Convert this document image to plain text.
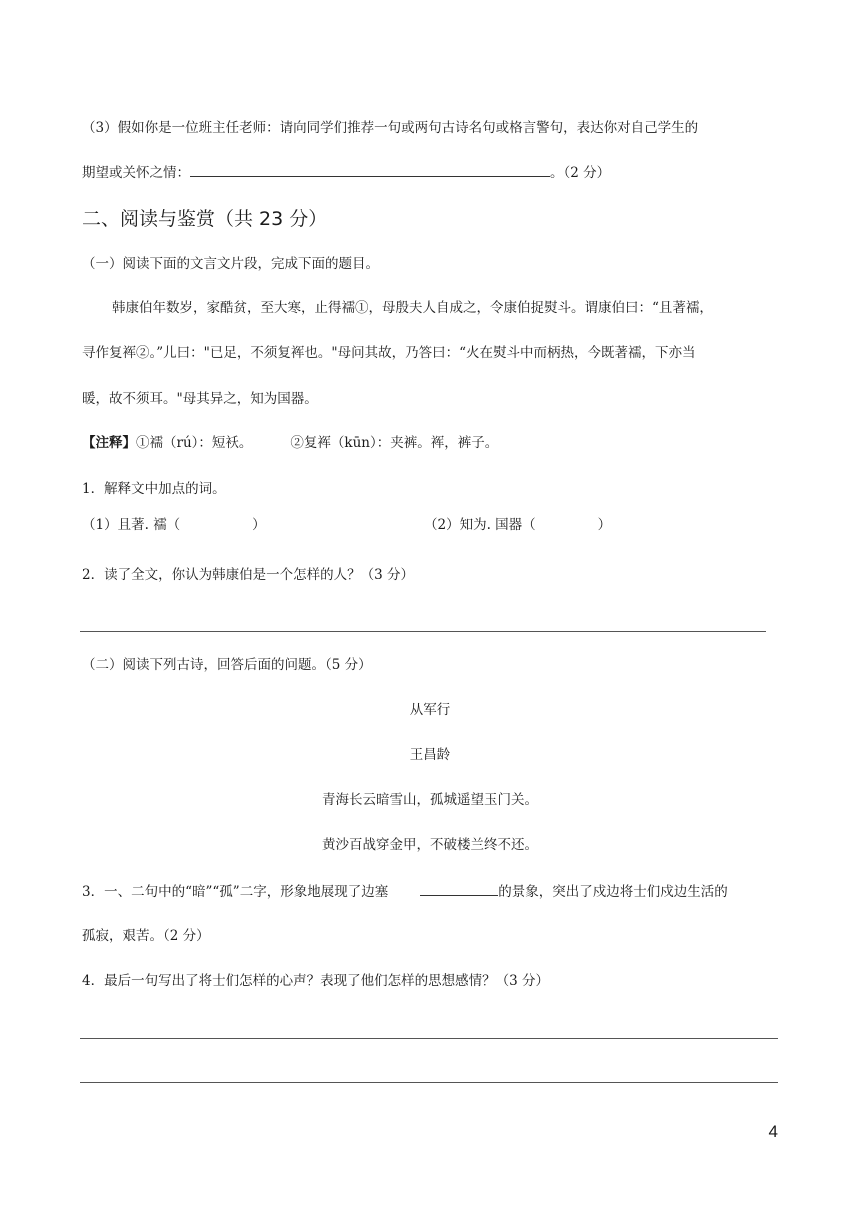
（3）假如你是一位班主任老师：请向同学们推荐一句或两句古诗名句或格言警句，表达你对自己学生的
期望或关怀之情：	。（2 分）
二、阅读与鉴赏（共 23 分）
（一）阅读下面的文言文片段，完成下面的题目。
韩康伯年数岁，家酷贫，至大寒，止得襦①，母殷夫人自成之，令康伯捉熨斗。谓康伯曰：“且著襦，
寻作复裈②。”儿曰："已足，不须复裈也。"母问其故，乃答曰：“火在熨斗中而柄热，今既著襦，下亦当
暖，故不须耳。"母其异之，知为国器。
【注释】①襦（rú）：短袄。	②复裈（kūn）：夹裤。裈，裤子。
1．解释文中加点的词。
（1）且著. 襦（	）	（2）知为. 国器（	）
2．读了全文，你认为韩康伯是一个怎样的人？（3 分）
（二）阅读下列古诗，回答后面的问题。（5 分）
从军行
王昌龄
青海长云暗雪山，孤城遥望玉门关。
黄沙百战穿金甲，不破楼兰终不还。
3．一、二句中的“暗”“孤”二字，形象地展现了边塞	的景象，突出了戍边将士们戍边生活的
孤寂，艰苦。（2 分）
4．最后一句写出了将士们怎样的心声？表现了他们怎样的思想感情？（3 分）
4
